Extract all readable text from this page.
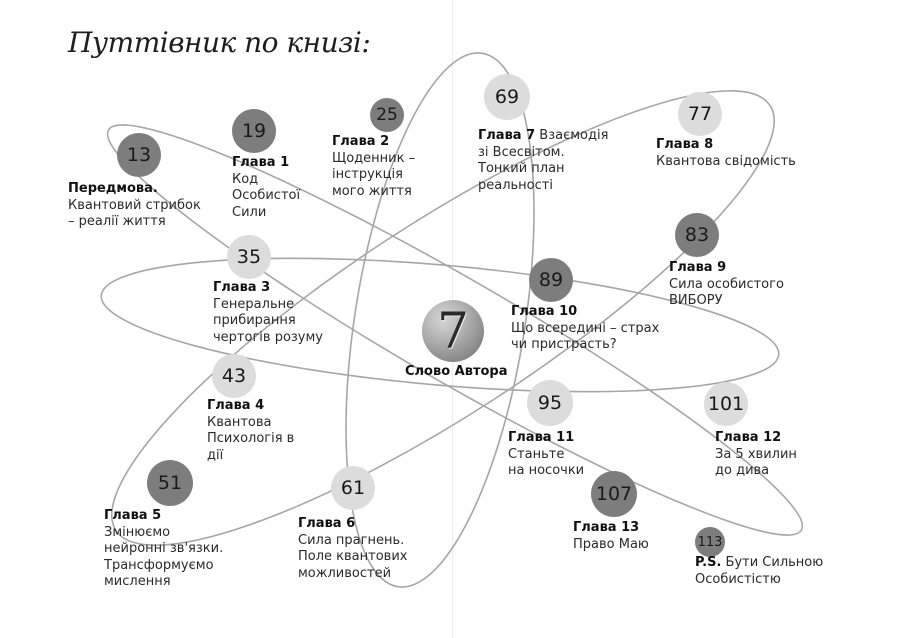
Путтівник по книзі:
13
19
25
35
43
51	61
69
77
83
89
95	101
107
113
7
Слово Автора
Передмова.
Квантовий стрибок
– реалії життя
Глава 1
Код
Особистої
Сили
Глава 2
Щоденник –
інструкція
мого життя
Глава 3
Генеральне
прибирання
чертогів розуму
Глава 4
Квантова
Психологія в
дії
Глава 5
Змінюємо
нейронні зв'язки.
Трансформуємо
мислення
Глава 6
Сила прагнень.
Поле квантових
можливостей
Глава 7 Взаємодія
зі Всесвітом.
Тонкий план
реальності
Глава 8
Квантова свідомість
Глава 9
Сила особистого
ВИБОРУ
Глава 10
Що всередині – страх
чи пристрасть?
Глава 11
Станьте
на носочки
Глава 12
За 5 хвилин
до дива
Глава 13
Право Маю
P.S. Бути Сильною
Особистістю
